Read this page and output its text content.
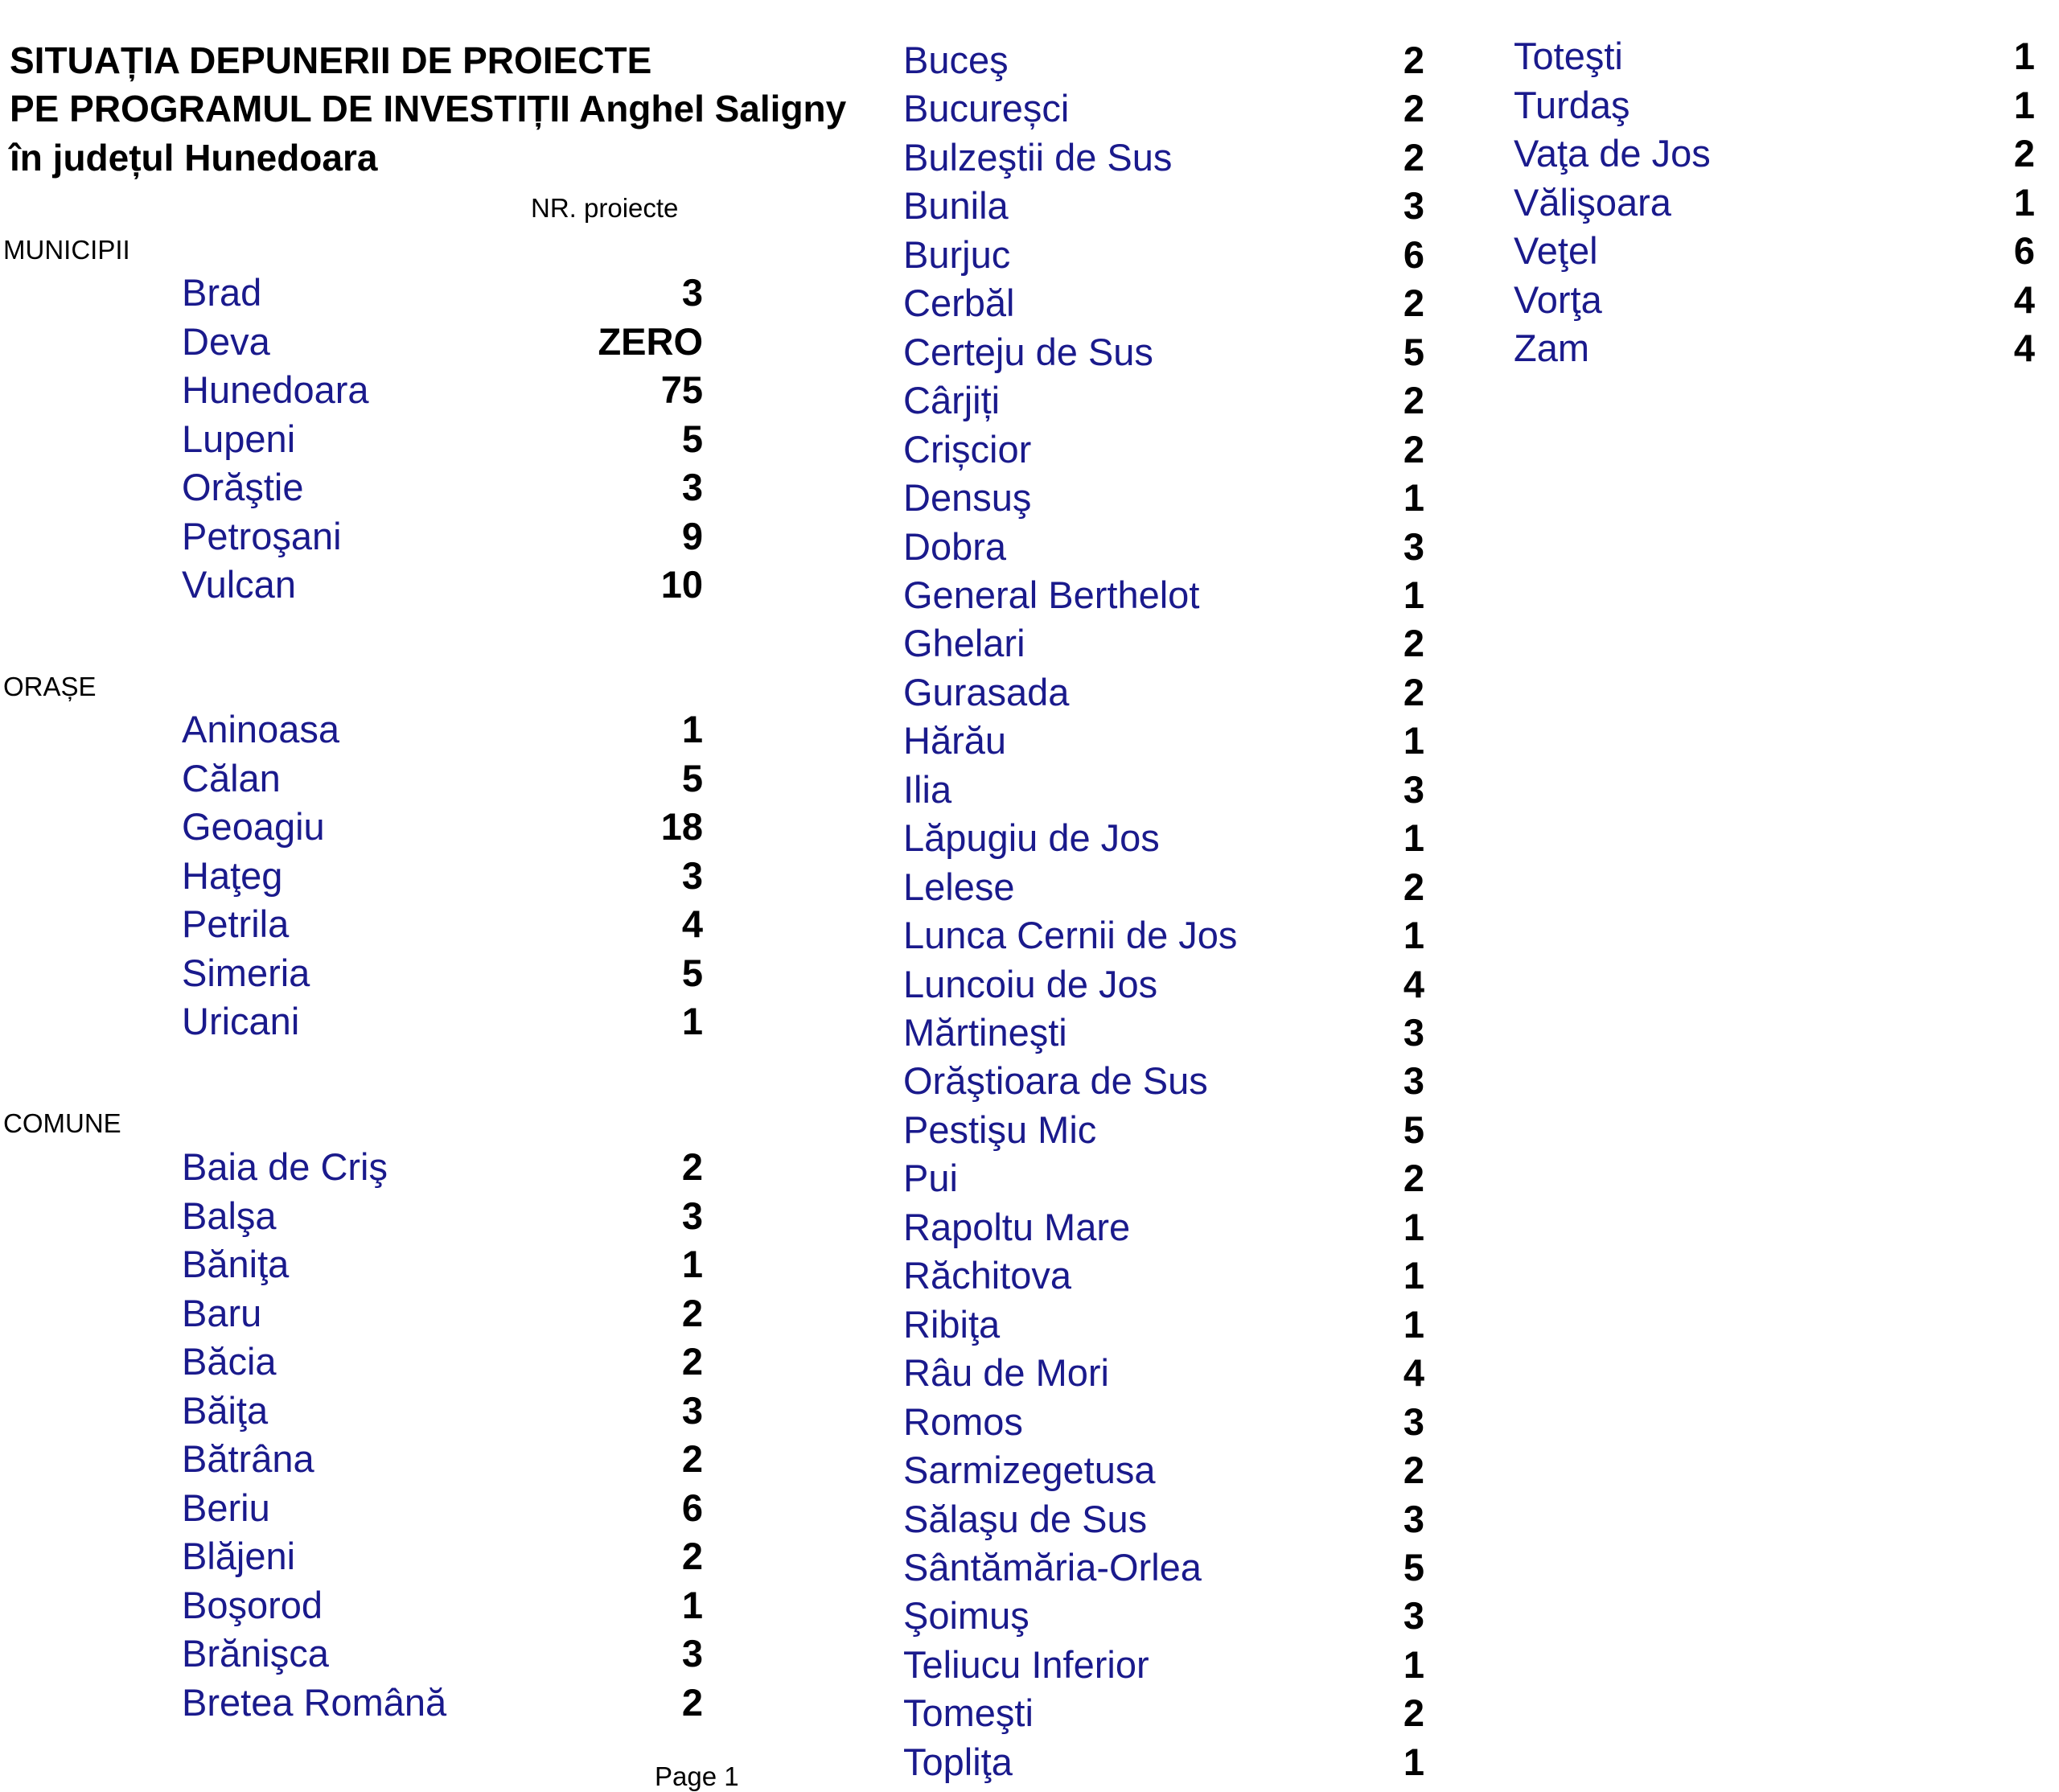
SITUAȚIA DEPUNERII DE PROIECTE
PE PROGRAMUL DE INVESTIȚII Anghel Saligny
în județul Hunedoara
NR. proiecte
MUNICIPII
ORAȘE
COMUNE
Brad	3
Deva	ZERO
Hunedoara	75
Lupeni	5
Orăştie	3
Petroşani	9
Vulcan	10
Aninoasa	1
Călan	5
Geoagiu	18
Haţeg	3
Petrila	4
Simeria	5
Uricani	1
Baia de Criş	2
Balşa	3
Băniţa	1
Baru	2
Băcia	2
Băiţa	3
Bătrâna	2
Beriu	6
Blăjeni	2
Boşorod	1
Brănişca	3
Bretea Română	2
Buceş	2
Bucureșci	2
Bulzeştii de Sus	2
Bunila	3
Burjuc	6
Cerbăl	2
Certeju de Sus	5
Cârjiți	2
Crișcior	2
Densuş	1
Dobra	3
General Berthelot	1
Ghelari	2
Gurasada	2
Hărău	1
Ilia	3
Lăpugiu de Jos	1
Lelese	2
Lunca Cernii de Jos	1
Luncoiu de Jos	4
Mărtineşti	3
Orăştioara de Sus	3
Pestişu Mic	5
Pui	2
Rapoltu Mare	1
Răchitova	1
Ribiţa	1
Râu de Mori	4
Romos	3
Sarmizegetusa	2
Sălaşu de Sus	3
Sântămăria-Orlea	5
Şoimuş	3
Teliucu Inferior	1
Tomeşti	2
Topliţa	1
Toteşti	1
Turdaş	1
Vaţa de Jos	2
Vălişoara	1
Veţel	6
Vorţa	4
Zam	4
Page 1
